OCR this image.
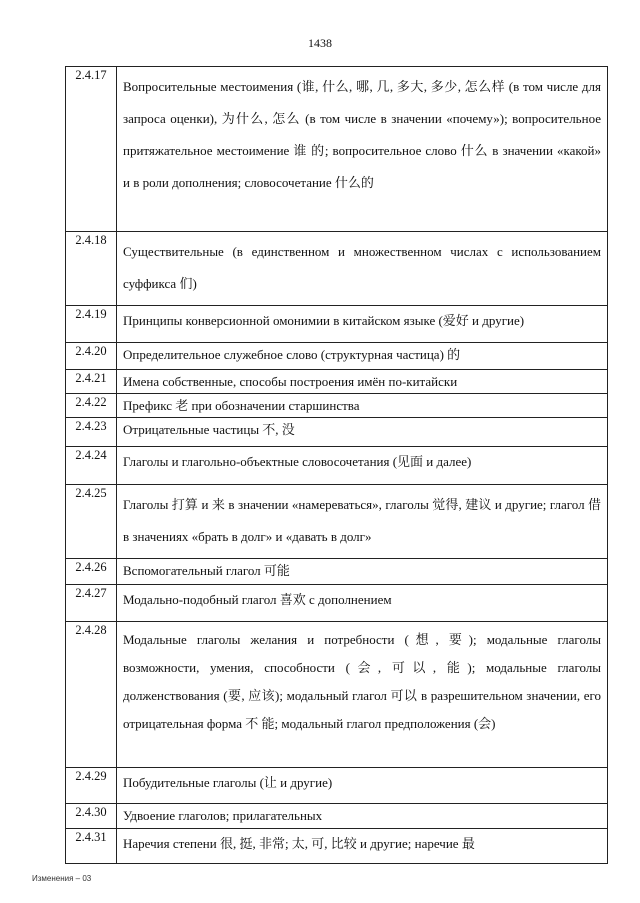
1438
2.4.17	Вопросительные местоимения (谁, 什么, 哪, 几, 多大, 多少, 怎么样 (в том числе для запроса оценки), 为什么, 怎么 (в том числе в значении «почему»); вопросительное притяжательное местоимение 谁 的; вопросительное слово 什么 в значении «какой» и в роли дополнения; словосочетание 什么的
2.4.18	Существительные (в единственном и множественном числах с использованием суффикса 们)
2.4.19	Принципы конверсионной омонимии в китайском языке (爱好 и другие)
2.4.20	Определительное служебное слово (структурная частица) 的
2.4.21	Имена собственные, способы построения имён по-китайски
2.4.22	Префикс 老 при обозначении старшинства
2.4.23	Отрицательные частицы 不, 没
2.4.24	Глаголы и глагольно-объектные словосочетания (见面 и далее)
2.4.25	Глаголы 打算 и 来 в значении «намереваться», глаголы 觉得, 建议 и другие; глагол 借 в значениях «брать в долг» и «давать в долг»
2.4.26	Вспомогательный глагол 可能
2.4.27	Модально-подобный глагол 喜欢 с дополнением
2.4.28	Модальные глаголы желания и потребности (想, 要); модальные глаголы возможности, умения, способности (会, 可以, 能); модальные глаголы долженствования (要, 应该); модальный глагол 可以 в разрешительном значении, его отрицательная форма 不 能; модальный глагол предположения (会)
2.4.29	Побудительные глаголы (让 и другие)
2.4.30	Удвоение глаголов; прилагательных
2.4.31	Наречия степени 很, 挺, 非常; 太, 可, 比较 и другие; наречие 最
Изменения – 03
